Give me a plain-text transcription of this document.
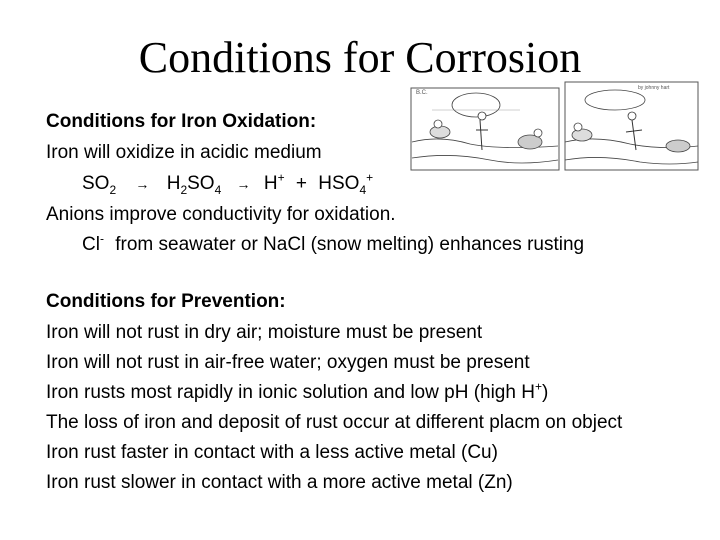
Conditions for Corrosion
B.C.
by johnny hart
Conditions for Iron Oxidation:
Iron will oxidize in acidic medium
$SO_2 \to H_2SO_4 \to H^+ + HSO_4^+$
Anions improve conductivity for oxidation.
Cl- from seawater or NaCl (snow melting) enhances rusting
Conditions for Prevention:
Iron will not rust in dry air; moisture must be present
Iron will not rust in air-free water; oxygen must be present
Iron rusts most rapidly in ionic solution and low pH (high H+)
The loss of iron and deposit of rust occur at different placm on object
Iron rust faster in contact with a less active metal (Cu)
Iron rust slower in contact with a more active metal (Zn)
